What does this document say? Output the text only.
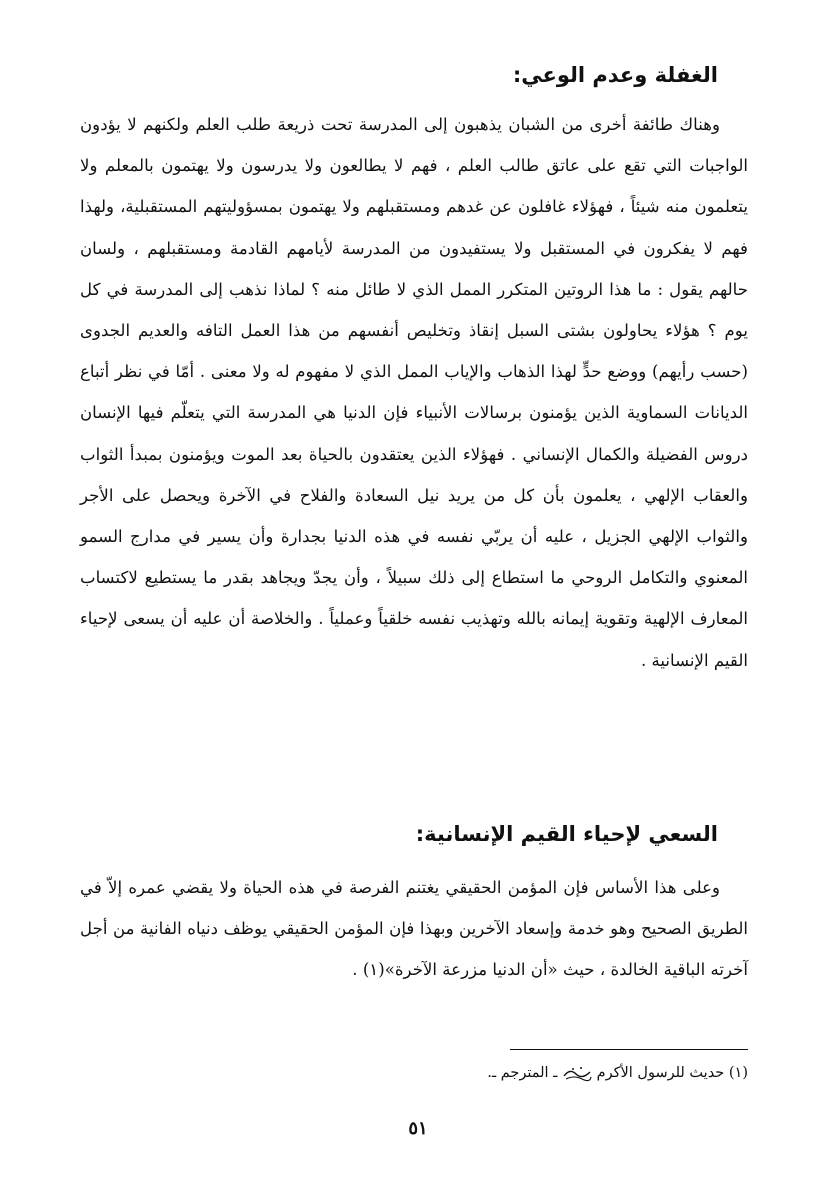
الغفلة وعدم الوعي:

وهناك طائفة أخرى من الشبان يذهبون إلى المدرسة تحت ذريعة طلب العلم ولكنهم لا يؤدون الواجبات التي تقع على عاتق طالب العلم ، فهم لا يطالعون ولا يدرسون ولا يهتمون بالمعلم ولا يتعلمون منه شيئاً ، فهؤلاء غافلون عن غدهم ومستقبلهم ولا يهتمون بمسؤوليتهم المستقبلية، ولهذا فهم لا يفكرون في المستقبل ولا يستفيدون من المدرسة لأيامهم القادمة ومستقبلهم ، ولسان حالهم يقول : ما هذا الروتين المتكرر الممل الذي لا طائل منه ؟ لماذا نذهب إلى المدرسة في كل يوم ؟ هؤلاء يحاولون بشتى السبل إنقاذ وتخليص أنفسهم من هذا العمل التافه والعديم الجدوى (حسب رأيهم) ووضع حدٍّ لهذا الذهاب والإياب الممل الذي لا مفهوم له ولا معنى . أمّا في نظر أتباع الديانات السماوية الذين يؤمنون برسالات الأنبياء فإن الدنيا هي المدرسة التي يتعلّم فيها الإنسان دروس الفضيلة والكمال الإنساني . فهؤلاء الذين يعتقدون بالحياة بعد الموت ويؤمنون بمبدأ الثواب والعقاب الإلهي ، يعلمون بأن كل من يريد نيل السعادة والفلاح في الآخرة ويحصل على الأجر والثواب الإلهي الجزيل ، عليه أن يربّي نفسه في هذه الدنيا بجدارة وأن يسير في مدارج السمو المعنوي والتكامل الروحي ما استطاع إلى ذلك سبيلاً ، وأن يجدّ ويجاهد بقدر ما يستطيع لاكتساب المعارف الإلهية وتقوية إيمانه بالله وتهذيب نفسه خلقياً وعملياً . والخلاصة أن عليه أن يسعى لإحياء القيم الإنسانية .

السعي لإحياء القيم الإنسانية:

وعلى هذا الأساس فإن المؤمن الحقيقي يغتنم الفرصة في هذه الحياة ولا يقضي عمره إلاّ في الطريق الصحيح وهو خدمة وإسعاد الآخرين وبهذا فإن المؤمن الحقيقي يوظف دنياه الفانية من أجل آخرته الباقية الخالدة ، حيث «أن الدنيا مزرعة الآخرة»(١) .

(١) حديث للرسول الأكرم  ـ المترجم ـ.
٥١
